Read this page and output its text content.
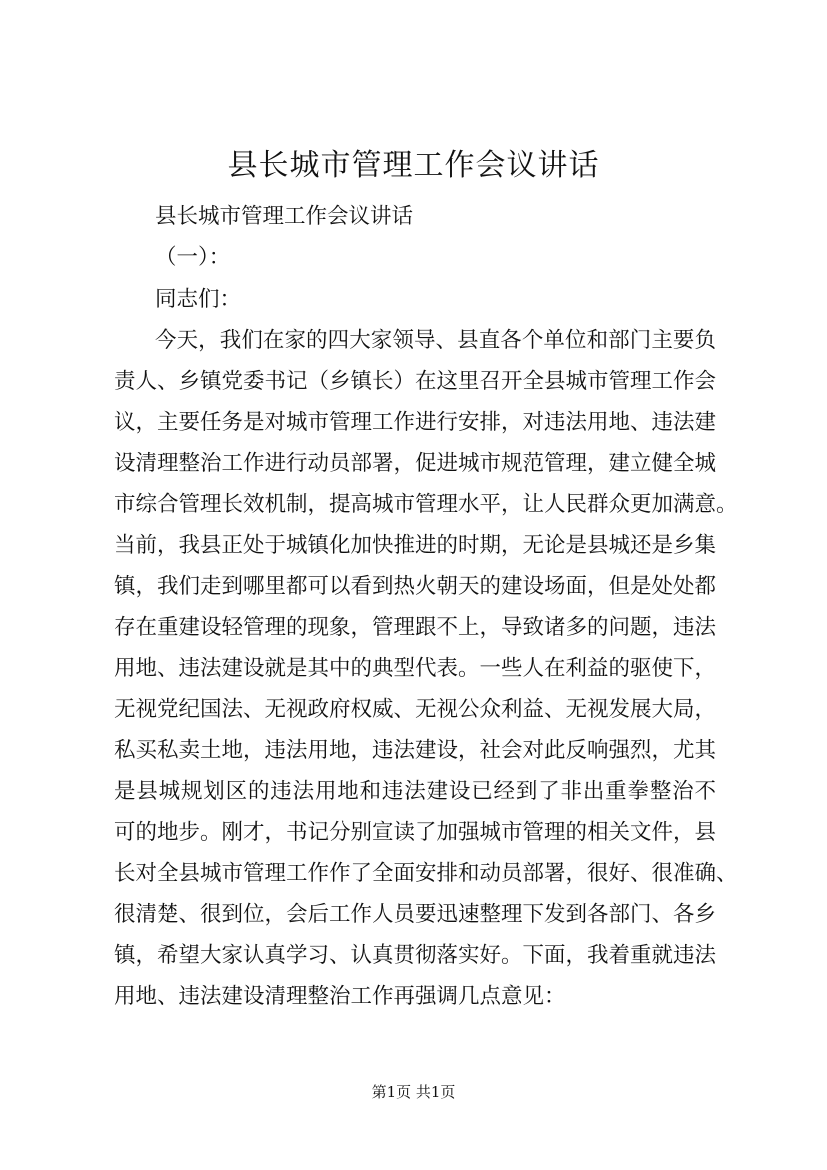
县长城市管理工作会议讲话
县长城市管理工作会议讲话
（一）：
同志们：
今天，我们在家的四大家领导、县直各个单位和部门主要负
责人、乡镇党委书记（乡镇长）在这里召开全县城市管理工作会
议，主要任务是对城市管理工作进行安排，对违法用地、违法建
设清理整治工作进行动员部署，促进城市规范管理，建立健全城
市综合管理长效机制，提高城市管理水平，让人民群众更加满意。
当前，我县正处于城镇化加快推进的时期，无论是县城还是乡集
镇，我们走到哪里都可以看到热火朝天的建设场面，但是处处都
存在重建设轻管理的现象，管理跟不上，导致诸多的问题，违法
用地、违法建设就是其中的典型代表。一些人在利益的驱使下，
无视党纪国法、无视政府权威、无视公众利益、无视发展大局，
私买私卖土地，违法用地，违法建设，社会对此反响强烈，尤其
是县城规划区的违法用地和违法建设已经到了非出重拳整治不
可的地步。刚才，书记分别宣读了加强城市管理的相关文件，县
长对全县城市管理工作作了全面安排和动员部署，很好、很准确、
很清楚、很到位，会后工作人员要迅速整理下发到各部门、各乡
镇，希望大家认真学习、认真贯彻落实好。下面，我着重就违法
用地、违法建设清理整治工作再强调几点意见：
第1页 共1页
